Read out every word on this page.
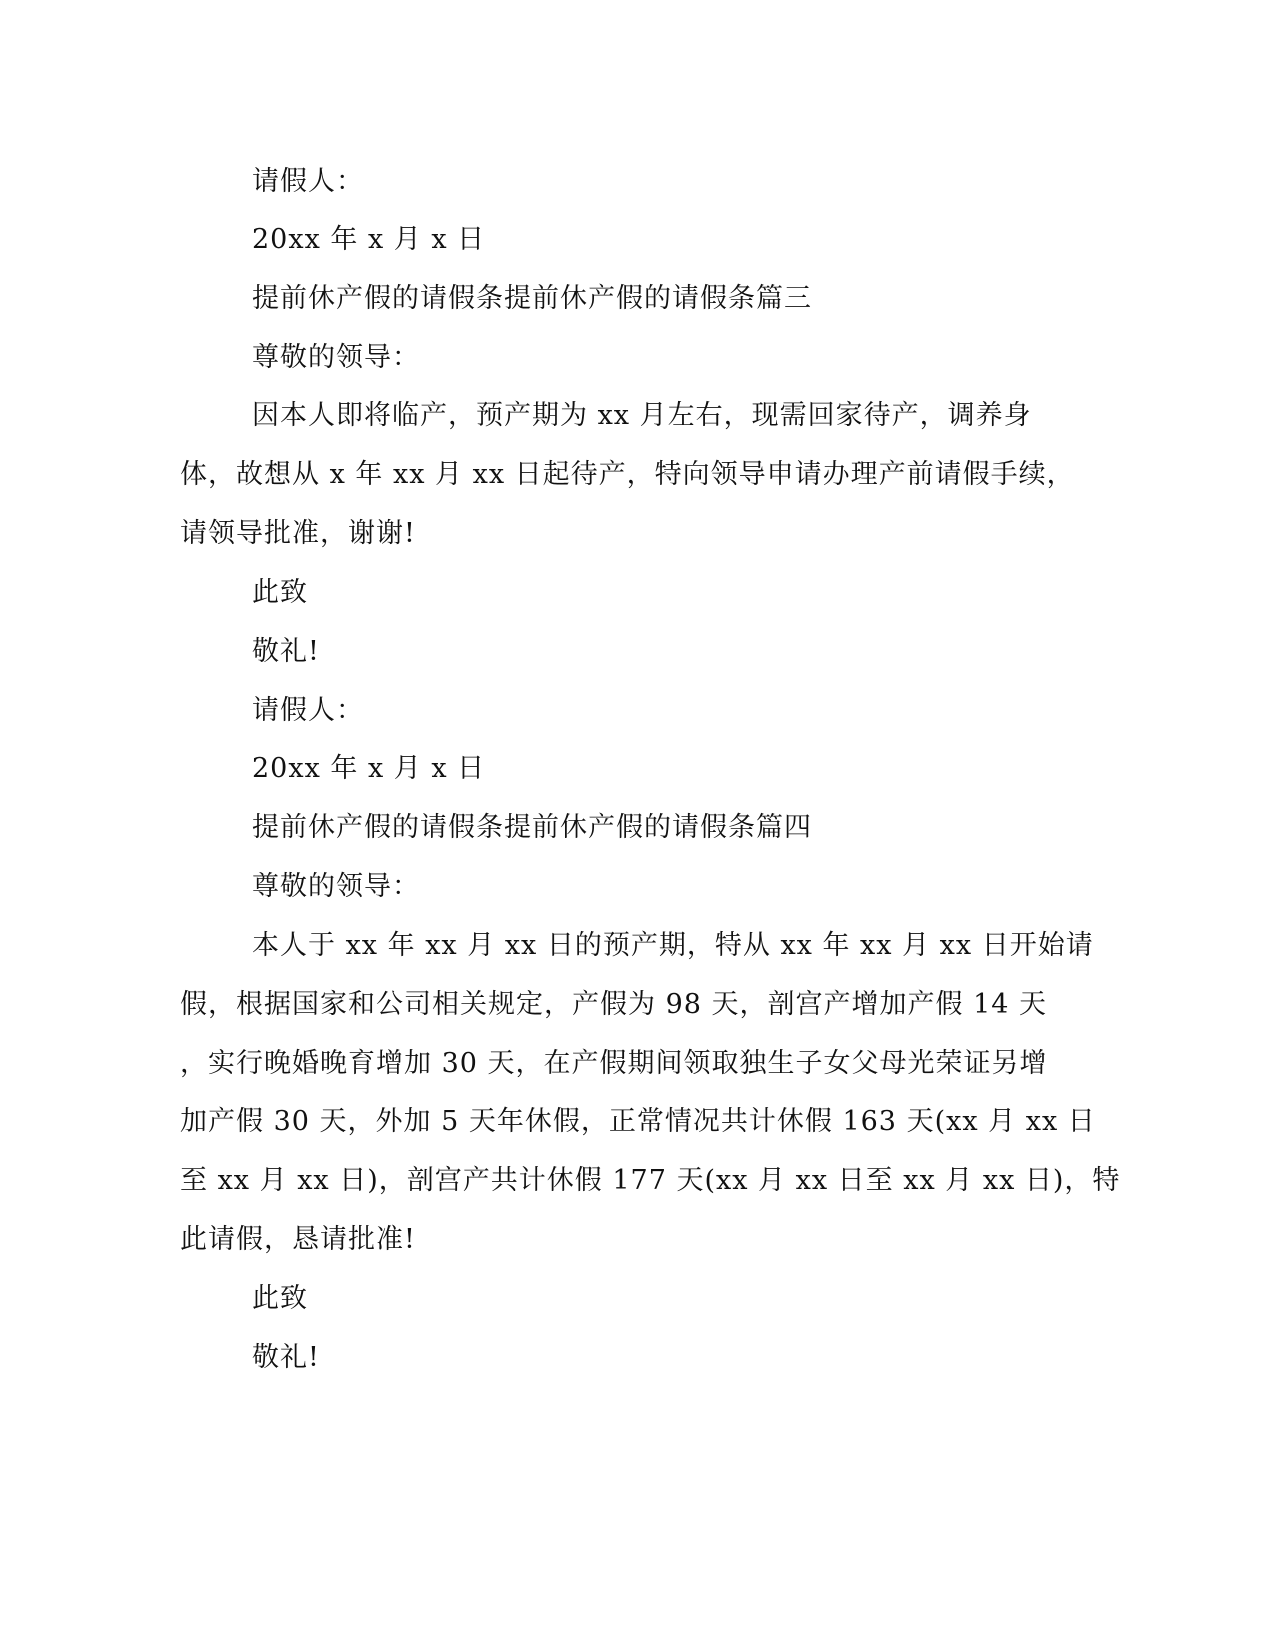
请假人：

20xx 年 x 月 x 日

提前休产假的请假条提前休产假的请假条篇三

尊敬的领导：

因本人即将临产，预产期为 xx 月左右，现需回家待产，调养身

体，故想从 x 年 xx 月 xx 日起待产，特向领导申请办理产前请假手续，

请领导批准，谢谢!

此致

敬礼!

请假人：

20xx 年 x 月 x 日

提前休产假的请假条提前休产假的请假条篇四

尊敬的领导：

本人于 xx 年 xx 月 xx 日的预产期，特从 xx 年 xx 月 xx 日开始请

假，根据国家和公司相关规定，产假为 98 天，剖宫产增加产假 14 天

，实行晚婚晚育增加 30 天，在产假期间领取独生子女父母光荣证另增

加产假 30 天，外加 5 天年休假，正常情况共计休假 163 天(xx 月 xx 日

至 xx 月 xx 日)，剖宫产共计休假 177 天(xx 月 xx 日至 xx 月 xx 日)，特

此请假，恳请批准!

此致

敬礼!
